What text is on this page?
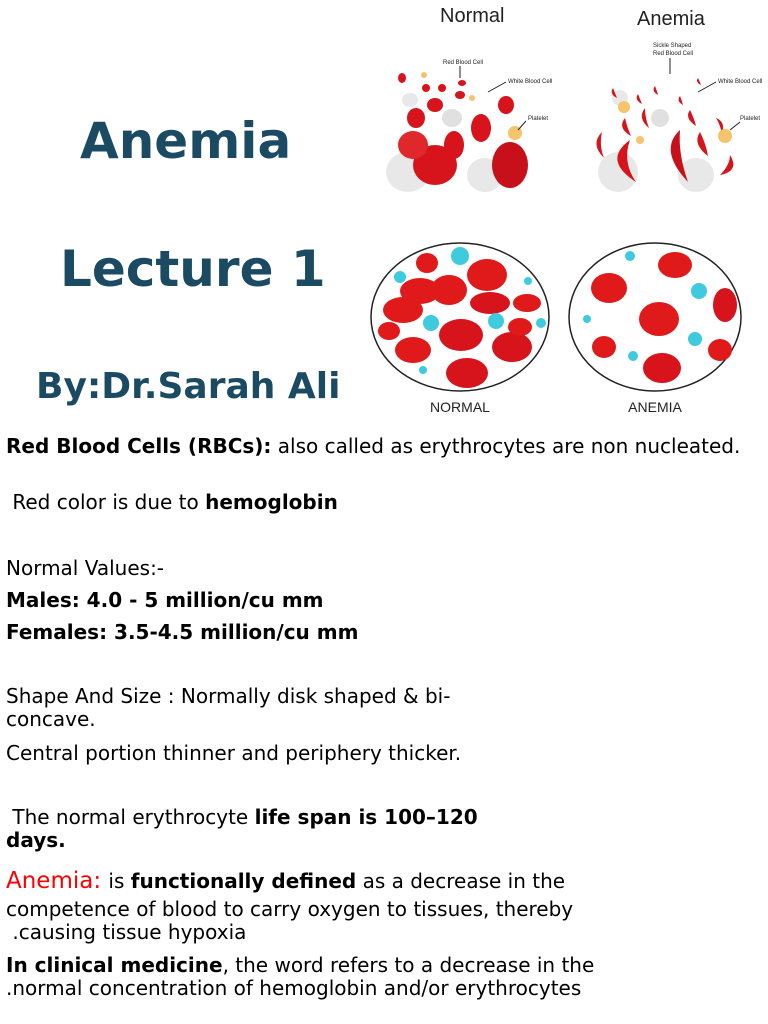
Anemia
Lecture 1
By:Dr.Sarah Ali
Normal	Anemia
Red Blood Cell
White Blood Cell
Platelet
Sickle Shaped
Red Blood Cell
White Blood Cell
Platelet
NORMAL	ANEMIA

Red Blood Cells (RBCs): also called as erythrocytes are non nucleated.

Red color is due to hemoglobin

Normal Values:-

Males: 4.0 - 5 million/cu mm

Females: 3.5-4.5 million/cu mm

Shape And Size : Normally disk shaped & bi-

concave.

Central portion thinner and periphery thicker.

The normal erythrocyte life span is 100–120

days.

Anemia: is functionally defined as a decrease in the

competence of blood to carry oxygen to tissues, thereby

.causing tissue hypoxia

In clinical medicine, the word refers to a decrease in the

.normal concentration of hemoglobin and/or erythrocytes
